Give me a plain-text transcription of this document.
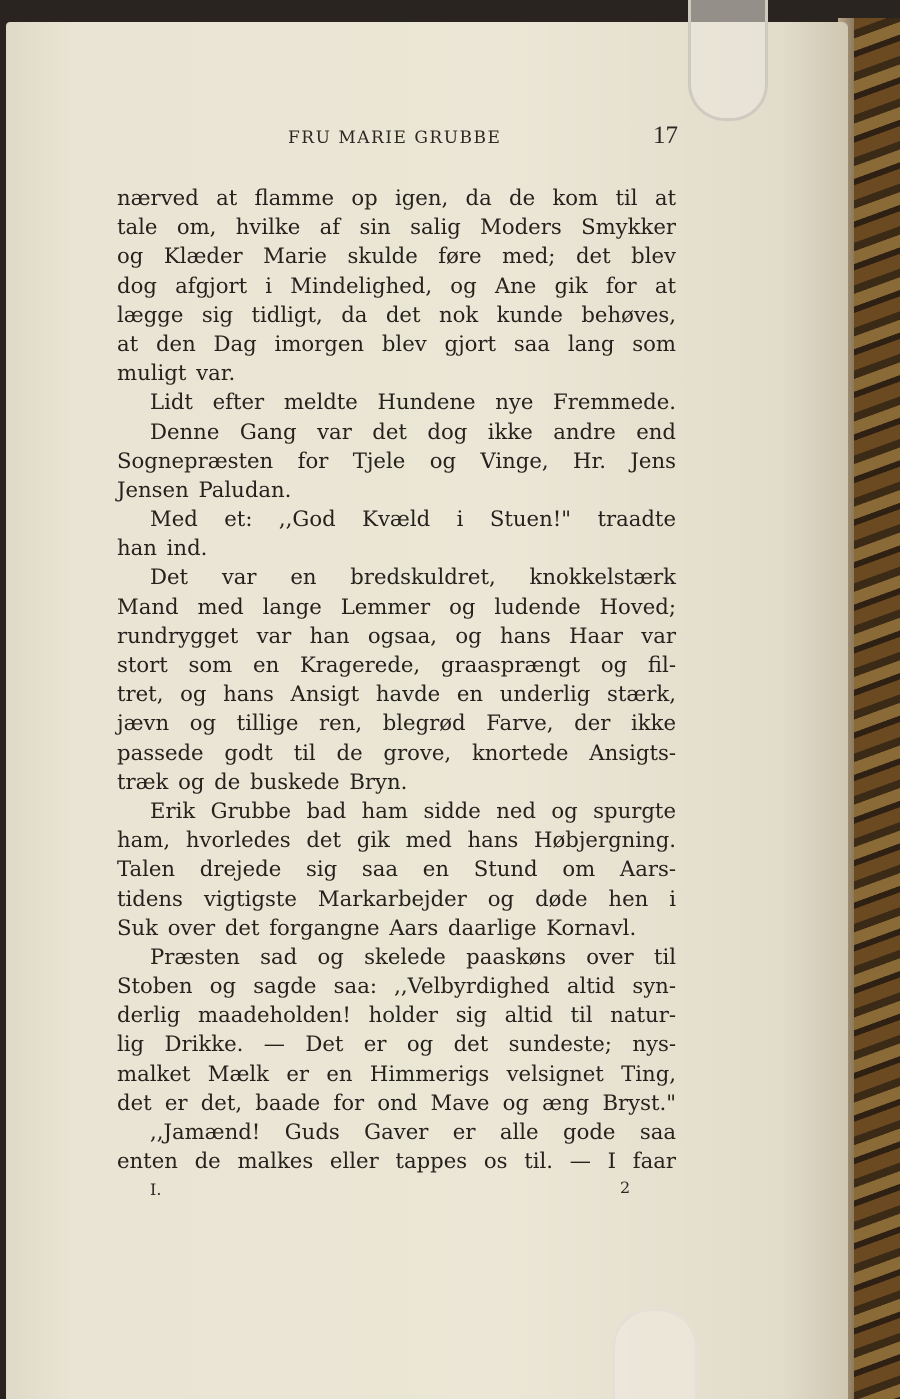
FRU MARIE GRUBBE	17
nærved at flamme op igen, da de kom til at
tale om, hvilke af sin salig Moders Smykker
og Klæder Marie skulde føre med; det blev
dog afgjort i Mindelighed, og Ane gik for at
lægge sig tidligt, da det nok kunde behøves,
at den Dag imorgen blev gjort saa lang som
muligt var.
Lidt efter meldte Hundene nye Fremmede.
Denne Gang var det dog ikke andre end
Sognepræsten for Tjele og Vinge, Hr. Jens
Jensen Paludan.
Med et: ,,God Kvæld i Stuen!" traadte
han ind.
Det var en bredskuldret, knokkelstærk
Mand med lange Lemmer og ludende Hoved;
rundrygget var han ogsaa, og hans Haar var
stort som en Kragerede, graasprængt og fil-
tret, og hans Ansigt havde en underlig stærk,
jævn og tillige ren, blegrød Farve, der ikke
passede godt til de grove, knortede Ansigts-
træk og de buskede Bryn.
Erik Grubbe bad ham sidde ned og spurgte
ham, hvorledes det gik med hans Høbjergning.
Talen drejede sig saa en Stund om Aars-
tidens vigtigste Markarbejder og døde hen i
Suk over det forgangne Aars daarlige Kornavl.
Præsten sad og skelede paaskøns over til
Stoben og sagde saa: ,,Velbyrdighed altid syn-
derlig maadeholden! holder sig altid til natur-
lig Drikke. — Det er og det sundeste; nys-
malket Mælk er en Himmerigs velsignet Ting,
det er det, baade for ond Mave og æng Bryst."
,,Jamænd! Guds Gaver er alle gode saa
enten de malkes eller tappes os til. — I faar
I.	2
